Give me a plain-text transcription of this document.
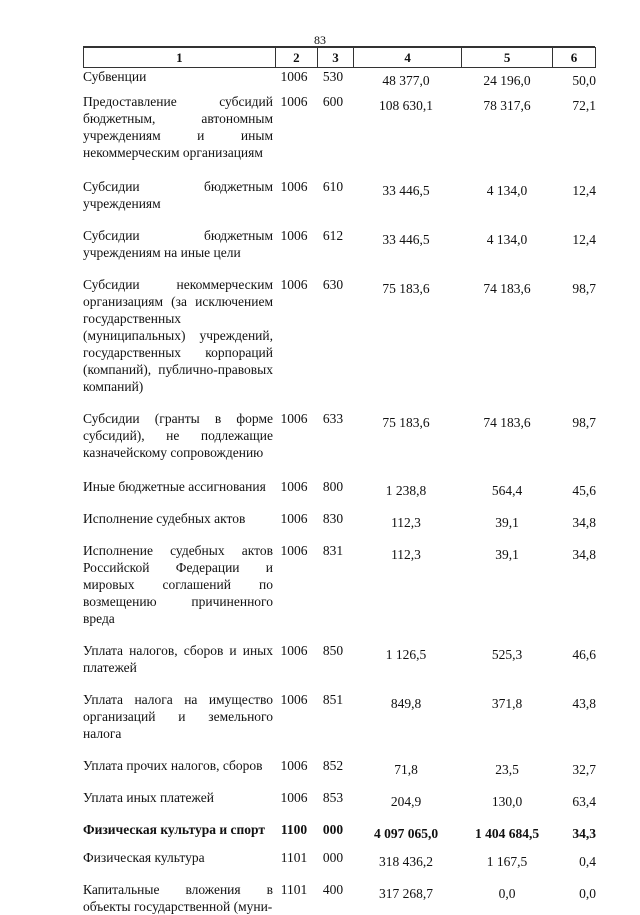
83
1	2	3	4	5	6
Субвенции	1006	530	48 377,0	24 196,0	50,0
Предоставление субсидий бюджетным, автономным учреждениям и иным некоммерческим организациям	1006	600	108 630,1	78 317,6	72,1
Субсидии бюджетным учреждениям	1006	610	33 446,5	4 134,0	12,4
Субсидии бюджетным учреждениям на иные цели	1006	612	33 446,5	4 134,0	12,4
Субсидии некоммерческим организациям (за исключением государственных (муниципальных) учреждений, государственных корпораций (компаний), публично-правовых компаний)	1006	630	75 183,6	74 183,6	98,7
Субсидии (гранты в форме субсидий), не подлежащие казначейскому сопровождению	1006	633	75 183,6	74 183,6	98,7
Иные бюджетные ассигнования	1006	800	1 238,8	564,4	45,6
Исполнение судебных актов	1006	830	112,3	39,1	34,8
Исполнение судебных актов Российской Федерации и мировых соглашений по возмещению причиненного вреда	1006	831	112,3	39,1	34,8
Уплата налогов, сборов и иных платежей	1006	850	1 126,5	525,3	46,6
Уплата налога на имущество организаций и земельного налога	1006	851	849,8	371,8	43,8
Уплата прочих налогов, сборов	1006	852	71,8	23,5	32,7
Уплата иных платежей	1006	853	204,9	130,0	63,4
Физическая культура и спорт	1100	000	4 097 065,0	1 404 684,5	34,3
Физическая культура	1101	000	318 436,2	1 167,5	0,4
Капитальные вложения в объекты государственной (муни-	1101	400	317 268,7	0,0	0,0
